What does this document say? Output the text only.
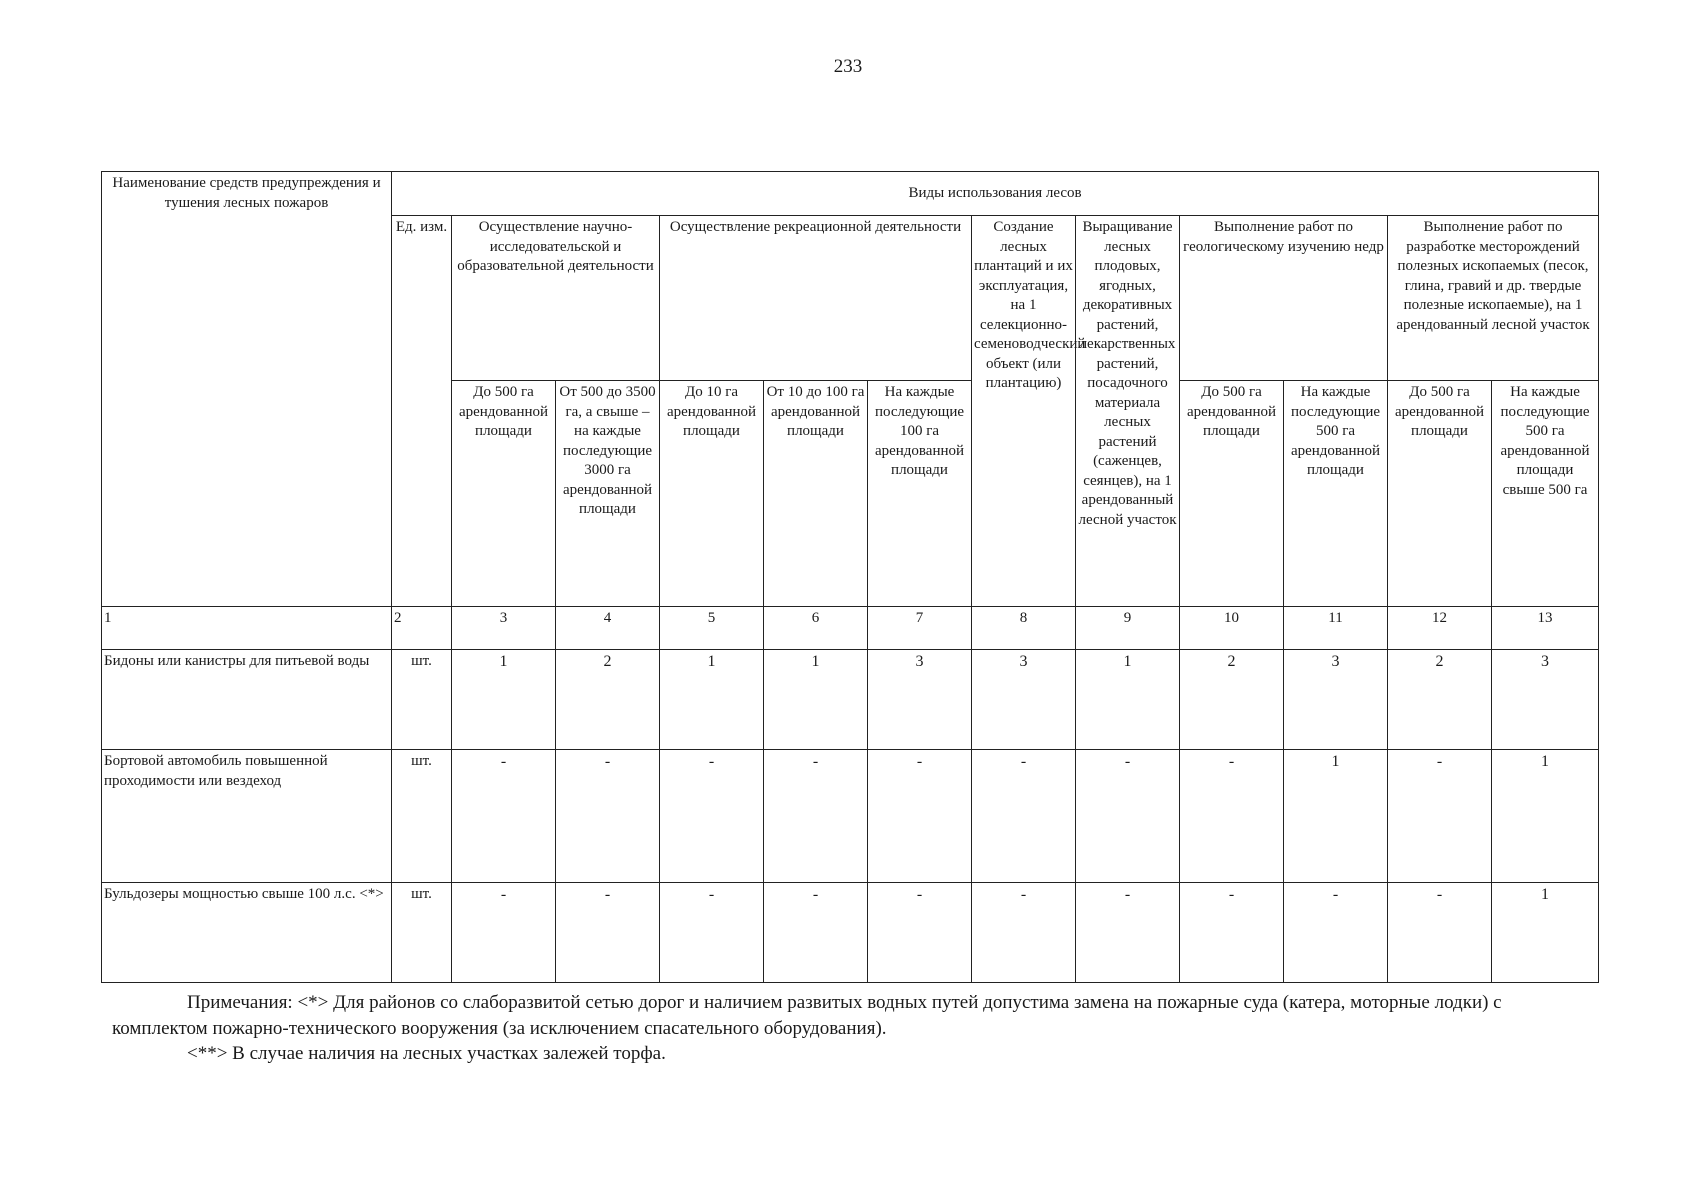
233
Наименование средств предупреждения и тушения лесных пожаров	Виды использования лесов											
	Ед. изм.	Осуществление научно-исследовательской и образовательной деятельности		Осуществление рекреационной деятельности			Создание лесных плантаций и их эксплуатация, на 1 селекционно-семеноводческий объект (или плантацию)	Выращивание лесных плодовых, ягодных, декоративных растений, лекарственных растений, посадочного материала лесных растений (саженцев, сеянцев), на 1 арендованный лесной участок	Выполнение работ по геологическому изучению недр		Выполнение работ по разработке месторождений полезных ископаемых (песок, глина, гравий и др. твердые полезные ископаемые), на 1 арендованный лесной участок	
		До 500 га арендованной площади	От 500 до 3500 га, а свыше – на каждые последующие 3000 га арендованной площади	До 10 га арендованной площади	От 10 до 100 га арендованной площади	На каждые последующие 100 га арендованной площади			До 500 га арендованной площади	На каждые последующие 500 га арендованной площади	До 500 га арендованной площади	На каждые последующие 500 га арендованной площади свыше 500 га
1	2	3	4	5	6	7	8	9	10	11	12	13
Бидоны или канистры для питьевой воды	шт.	1	2	1	1	3	3	1	2	3	2	3
Бортовой автомобиль повышенной проходимости или вездеход	шт.	-	-	-	-	-	-	-	-	1	-	1
Бульдозеры мощностью свыше 100 л.с. <*>	шт.	-	-	-	-	-	-	-	-	-	-	1

Примечания: <*> Для районов со слаборазвитой сетью дорог и наличием развитых водных путей допустима замена на пожарные суда (катера, моторные лодки) с комплектом пожарно-технического вооружения (за исключением спасательного оборудования).

<**> В случае наличия на лесных участках залежей торфа.
